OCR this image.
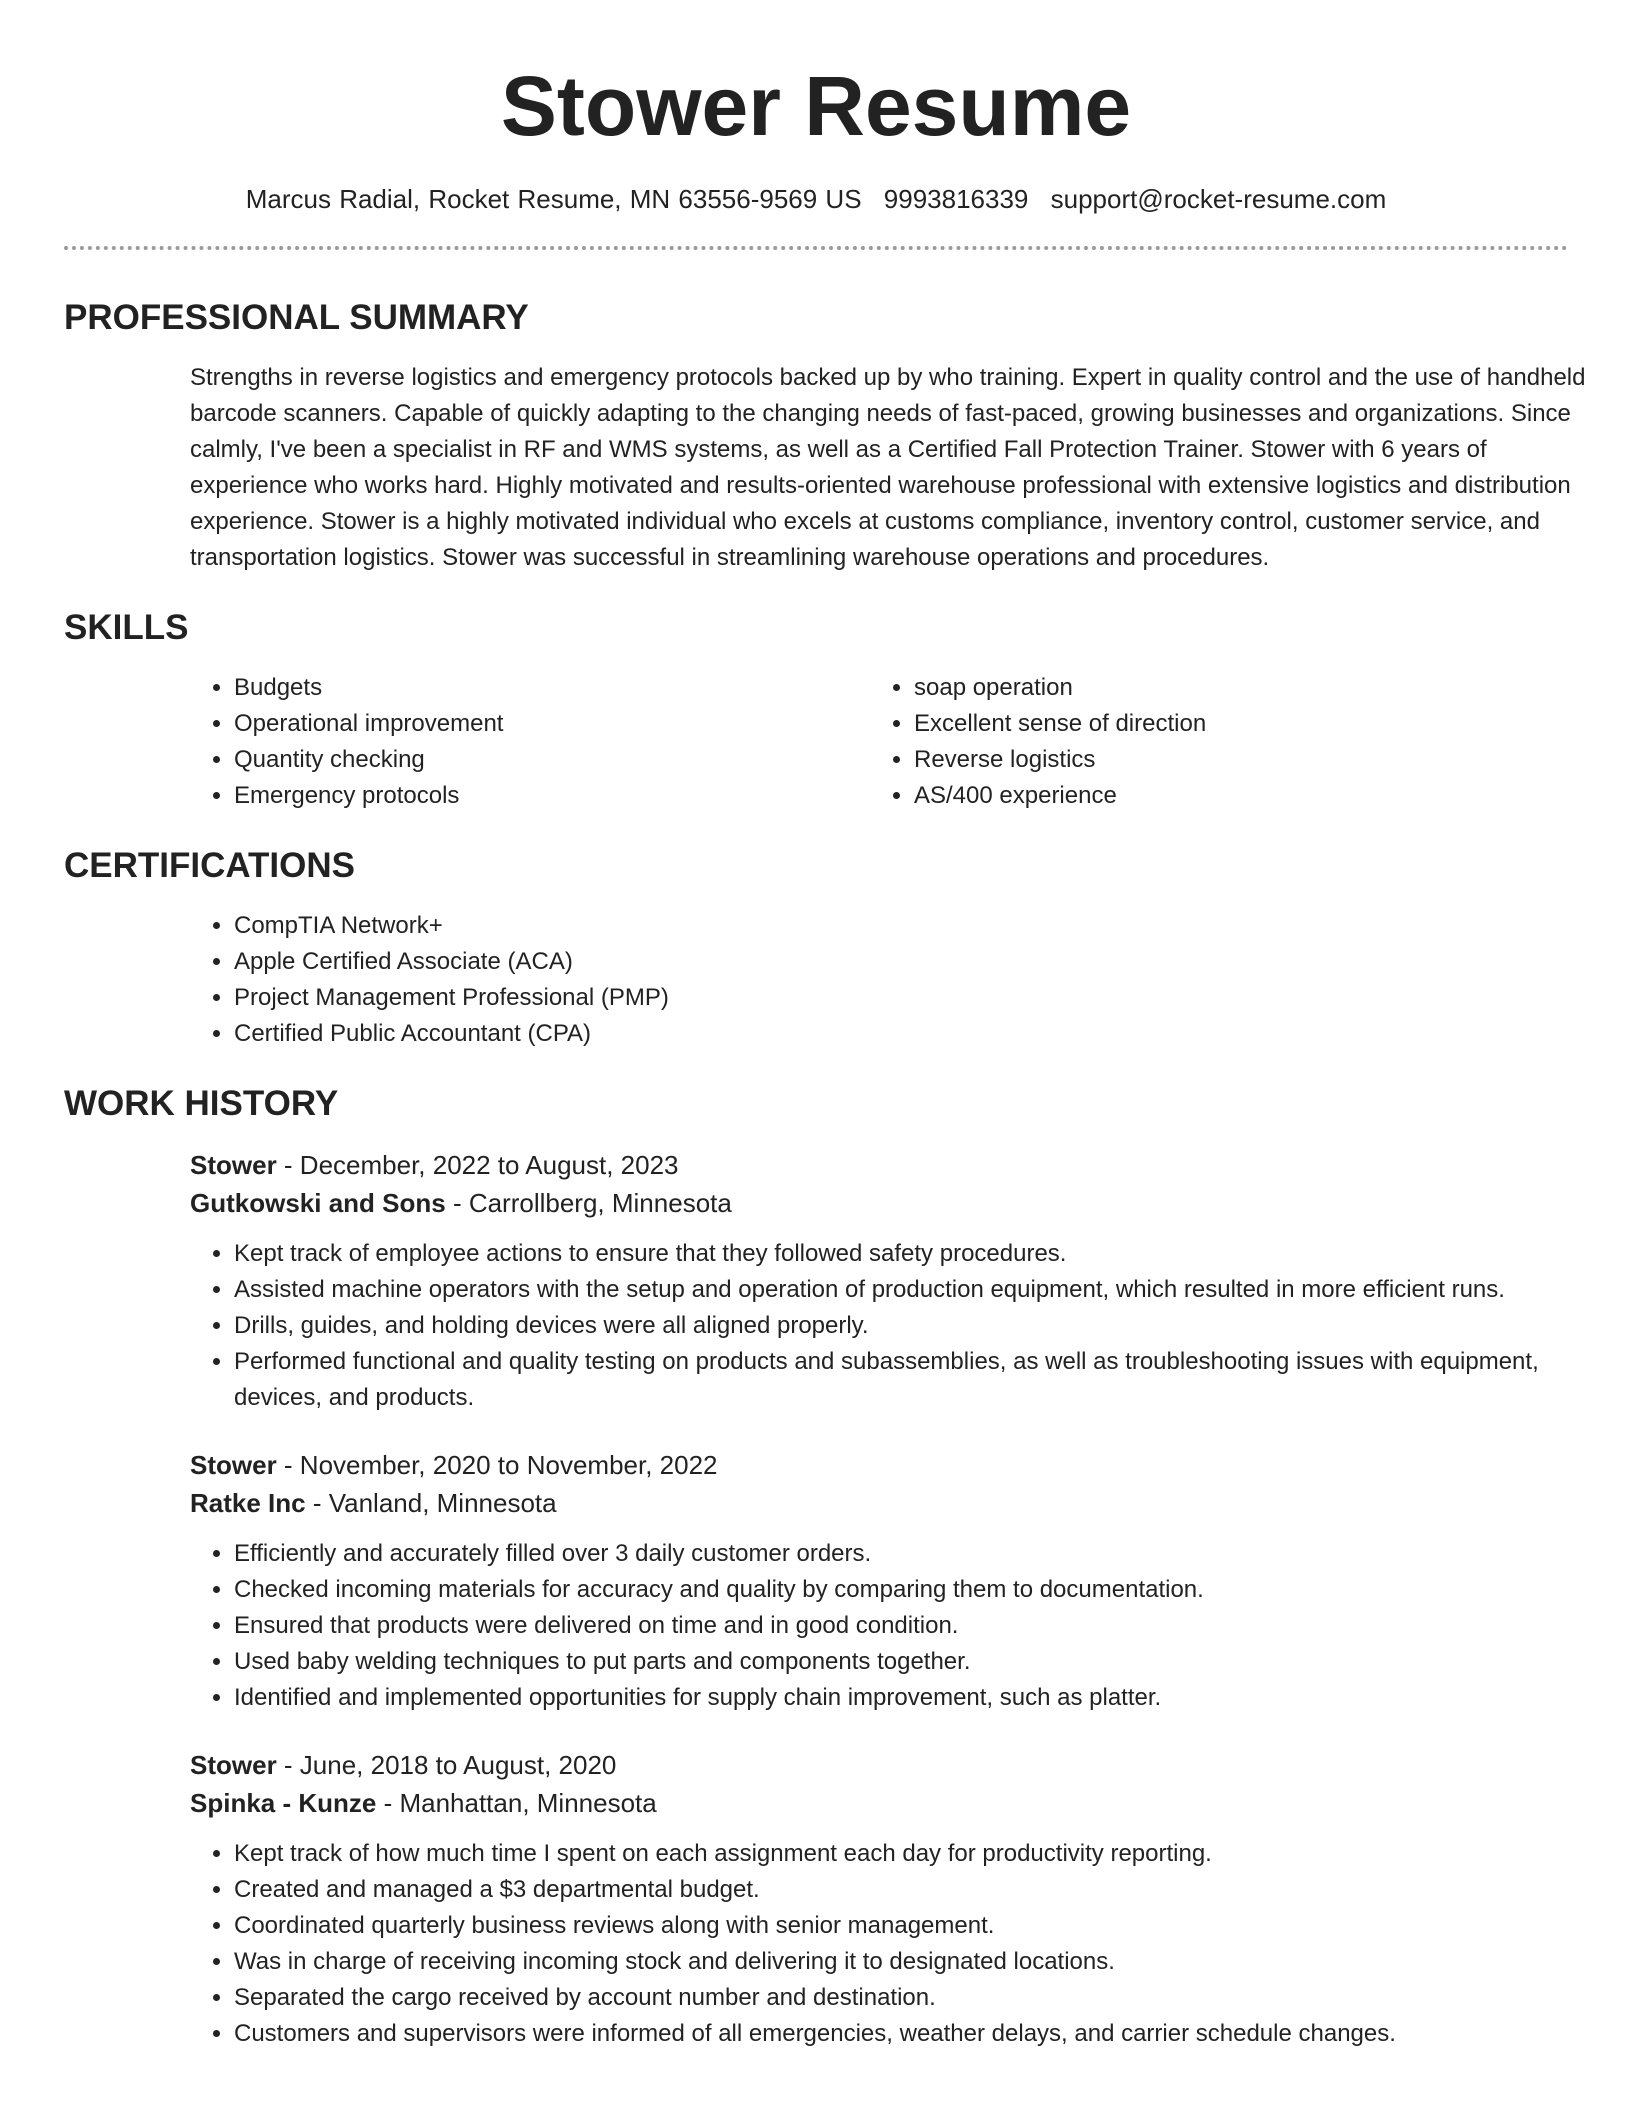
Stower Resume
Marcus Radial, Rocket Resume, MN 63556-9569 US 9993816339 support@rocket-resume.com
PROFESSIONAL SUMMARY
Strengths in reverse logistics and emergency protocols backed up by who training. Expert in quality control and the use of handheld barcode scanners. Capable of quickly adapting to the changing needs of fast-paced, growing businesses and organizations. Since calmly, I've been a specialist in RF and WMS systems, as well as a Certified Fall Protection Trainer. Stower with 6 years of experience who works hard. Highly motivated and results-oriented warehouse professional with extensive logistics and distribution experience. Stower is a highly motivated individual who excels at customs compliance, inventory control, customer service, and transportation logistics. Stower was successful in streamlining warehouse operations and procedures.
SKILLS
• Budgets
• Operational improvement
• Quantity checking
• Emergency protocols
• soap operation
• Excellent sense of direction
• Reverse logistics
• AS/400 experience
CERTIFICATIONS
• CompTIA Network+
• Apple Certified Associate (ACA)
• Project Management Professional (PMP)
• Certified Public Accountant (CPA)
WORK HISTORY
Stower - December, 2022 to August, 2023
Gutkowski and Sons - Carrollberg, Minnesota
• Kept track of employee actions to ensure that they followed safety procedures.
• Assisted machine operators with the setup and operation of production equipment, which resulted in more efficient runs.
• Drills, guides, and holding devices were all aligned properly.
• Performed functional and quality testing on products and subassemblies, as well as troubleshooting issues with equipment, devices, and products.
Stower - November, 2020 to November, 2022
Ratke Inc - Vanland, Minnesota
• Efficiently and accurately filled over 3 daily customer orders.
• Checked incoming materials for accuracy and quality by comparing them to documentation.
• Ensured that products were delivered on time and in good condition.
• Used baby welding techniques to put parts and components together.
• Identified and implemented opportunities for supply chain improvement, such as platter.
Stower - June, 2018 to August, 2020
Spinka - Kunze - Manhattan, Minnesota
• Kept track of how much time I spent on each assignment each day for productivity reporting.
• Created and managed a $3 departmental budget.
• Coordinated quarterly business reviews along with senior management.
• Was in charge of receiving incoming stock and delivering it to designated locations.
• Separated the cargo received by account number and destination.
• Customers and supervisors were informed of all emergencies, weather delays, and carrier schedule changes.
